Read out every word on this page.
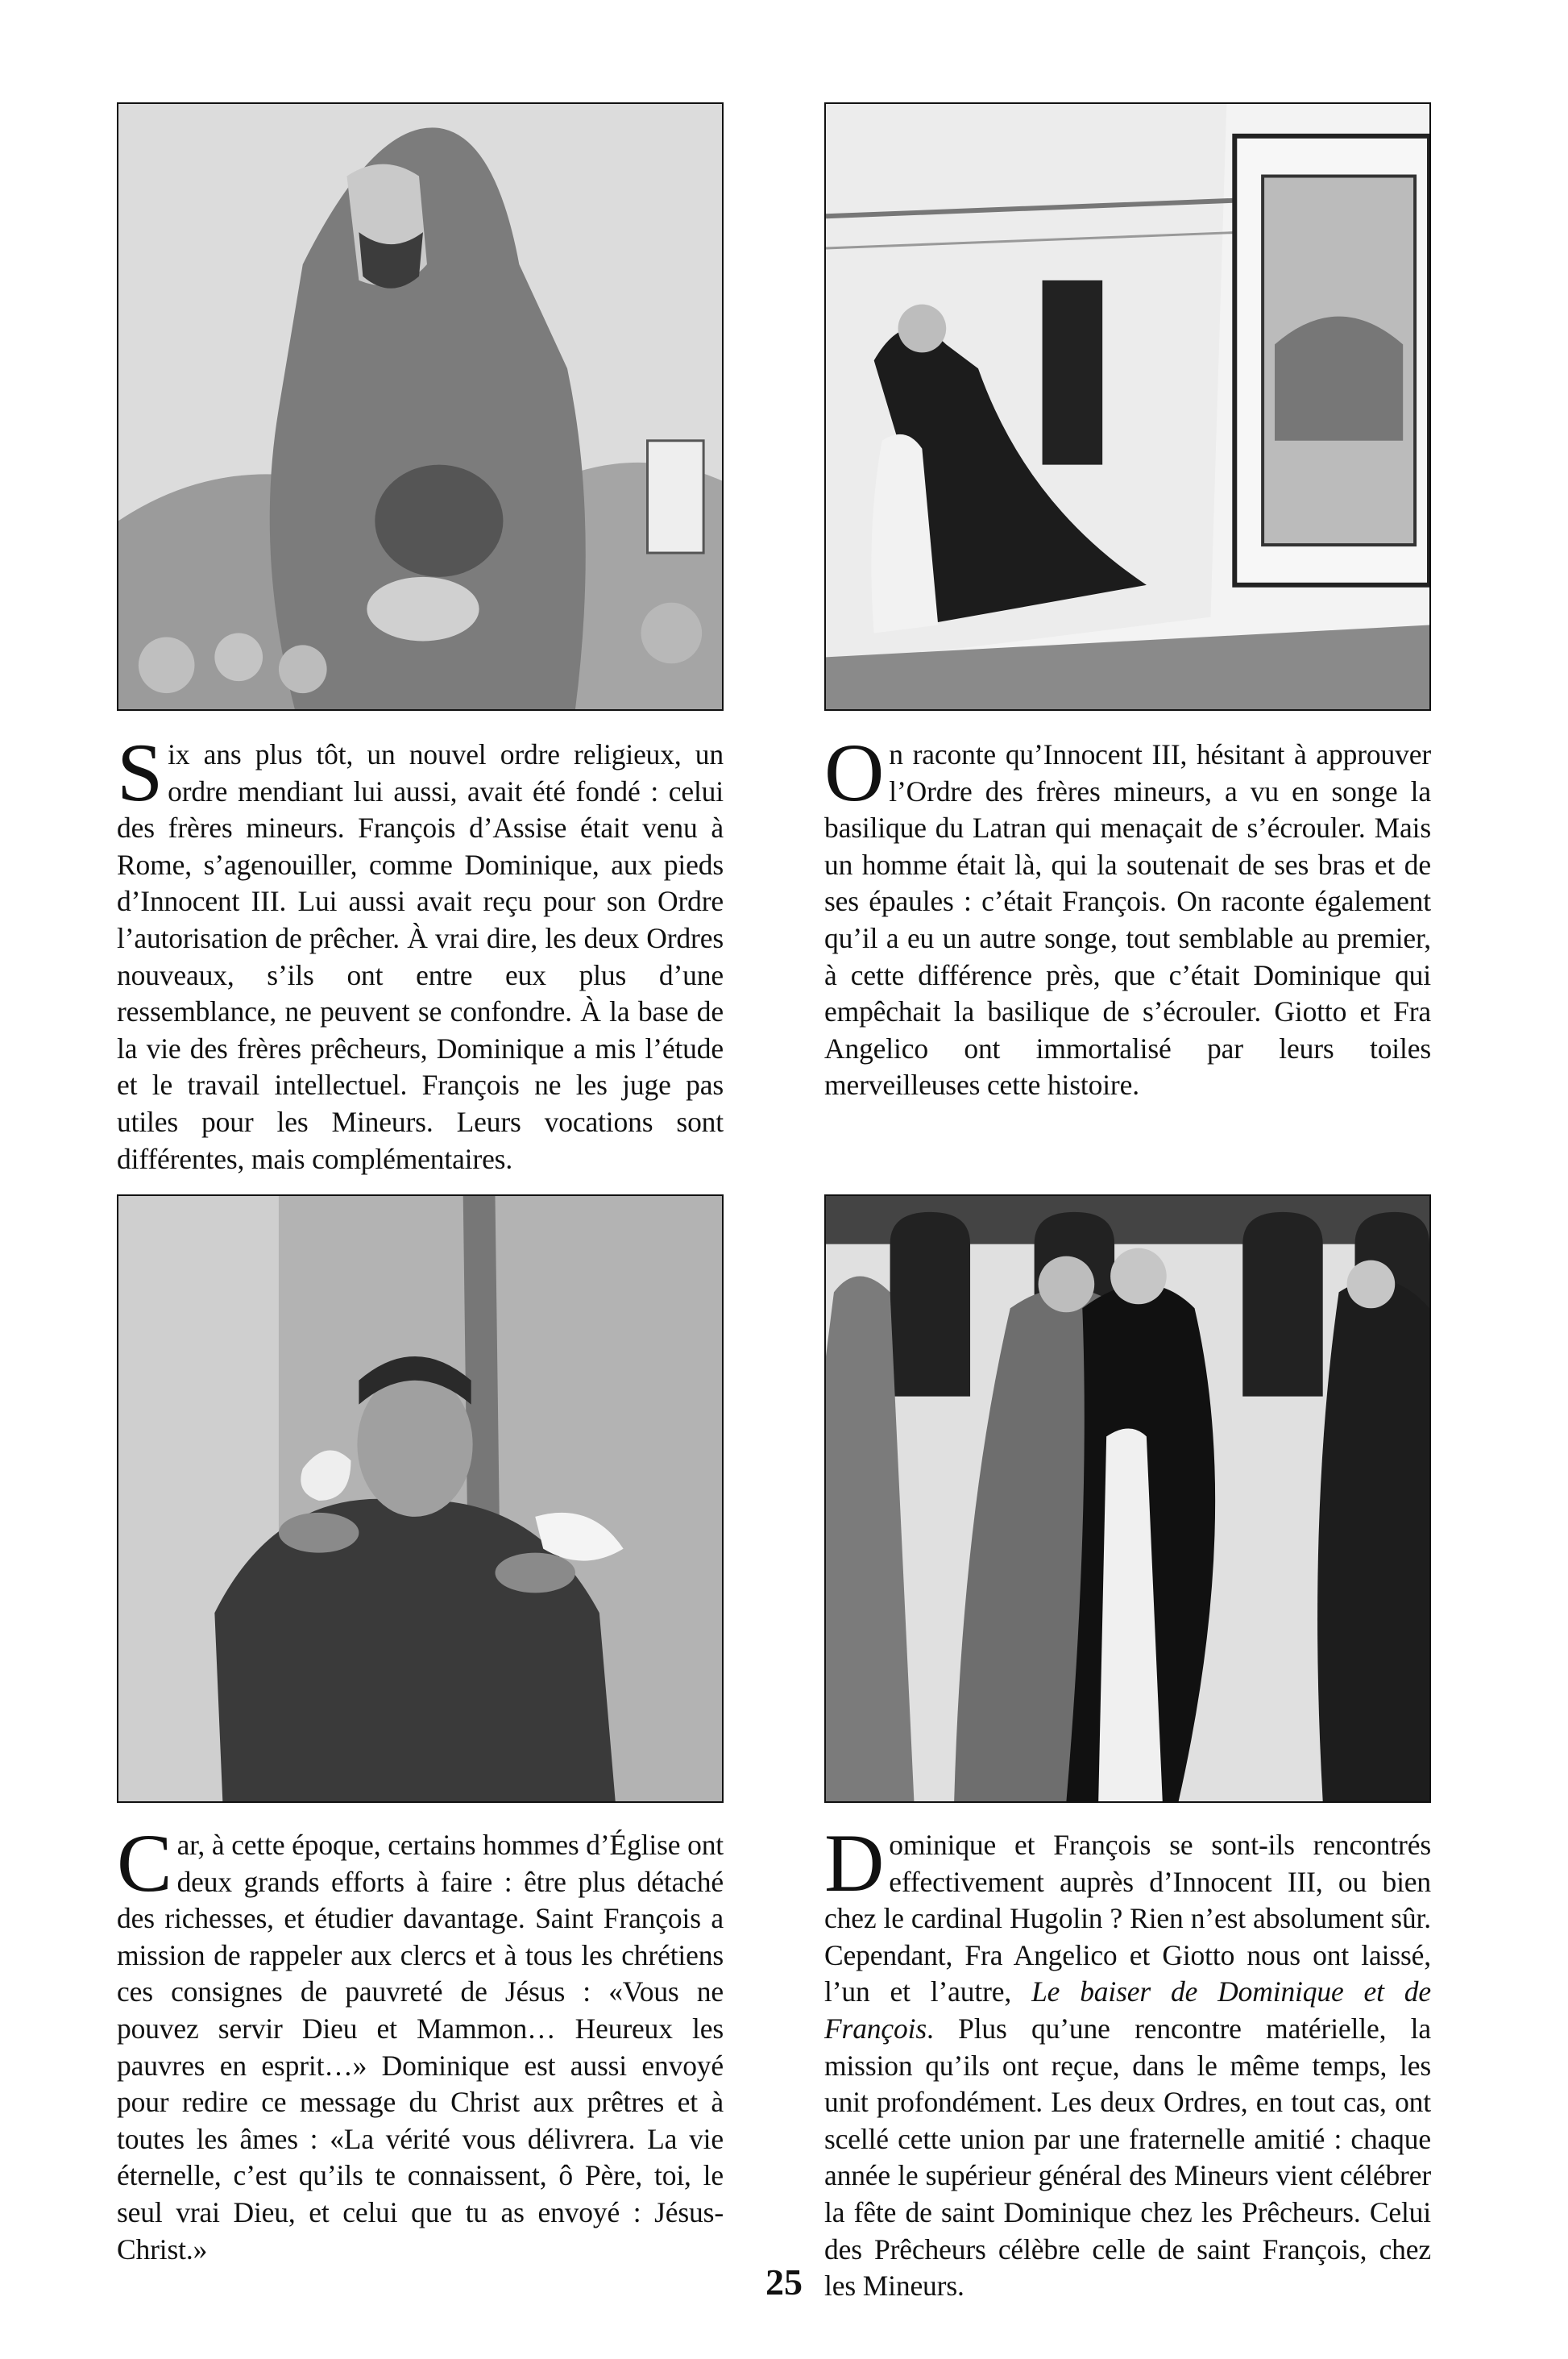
S ix ans plus tôt, un nouvel ordre religieux, un ordre mendiant lui aussi, avait été fondé : celui des frères mineurs. François d’Assise était venu à Rome, s’agenouiller, comme Dominique, aux pieds d’Innocent III. Lui aussi avait reçu pour son Ordre l’autorisation de prêcher. À vrai dire, les deux Ordres nouveaux, s’ils ont entre eux plus d’une ressemblance, ne peuvent se confondre. À la base de la vie des frères prêcheurs, Dominique a mis l’étude et le travail intellectuel. François ne les juge pas utiles pour les Mineurs. Leurs vocations sont différentes, mais complémentaires.
O n raconte qu’Innocent III, hésitant à approuver l’Ordre des frères mineurs, a vu en songe la basilique du Latran qui menaçait de s’écrouler. Mais un homme était là, qui la soutenait de ses bras et de ses épaules : c’était François. On raconte également qu’il a eu un autre songe, tout semblable au premier, à cette différence près, que c’était Dominique qui empêchait la basilique de s’écrouler. Giotto et Fra Angelico ont immortalisé par leurs toiles merveilleuses cette histoire.
C ar, à cette époque, certains hommes d’Église ont deux grands efforts à faire : être plus détaché des richesses, et étudier davantage. Saint François a mission de rappeler aux clercs et à tous les chrétiens ces consignes de pauvreté de Jésus : «Vous ne pouvez servir Dieu et Mammon… Heureux les pauvres en esprit…» Dominique est aussi envoyé pour redire ce message du Christ aux prêtres et à toutes les âmes : «La vérité vous délivrera. La vie éternelle, c’est qu’ils te connaissent, ô Père, toi, le seul vrai Dieu, et celui que tu as envoyé : Jésus-Christ.»
D ominique et François se sont-ils rencontrés effectivement auprès d’Innocent III, ou bien chez le cardinal Hugolin ? Rien n’est absolument sûr. Cependant, Fra Angelico et Giotto nous ont laissé, l’un et l’autre, Le baiser de Dominique et de François. Plus qu’une rencontre matérielle, la mission qu’ils ont reçue, dans le même temps, les unit profondément. Les deux Ordres, en tout cas, ont scellé cette union par une fraternelle amitié : chaque année le supérieur général des Mineurs vient célébrer la fête de saint Dominique chez les Prêcheurs. Celui des Prêcheurs célèbre celle de saint François, chez les Mineurs.
25
